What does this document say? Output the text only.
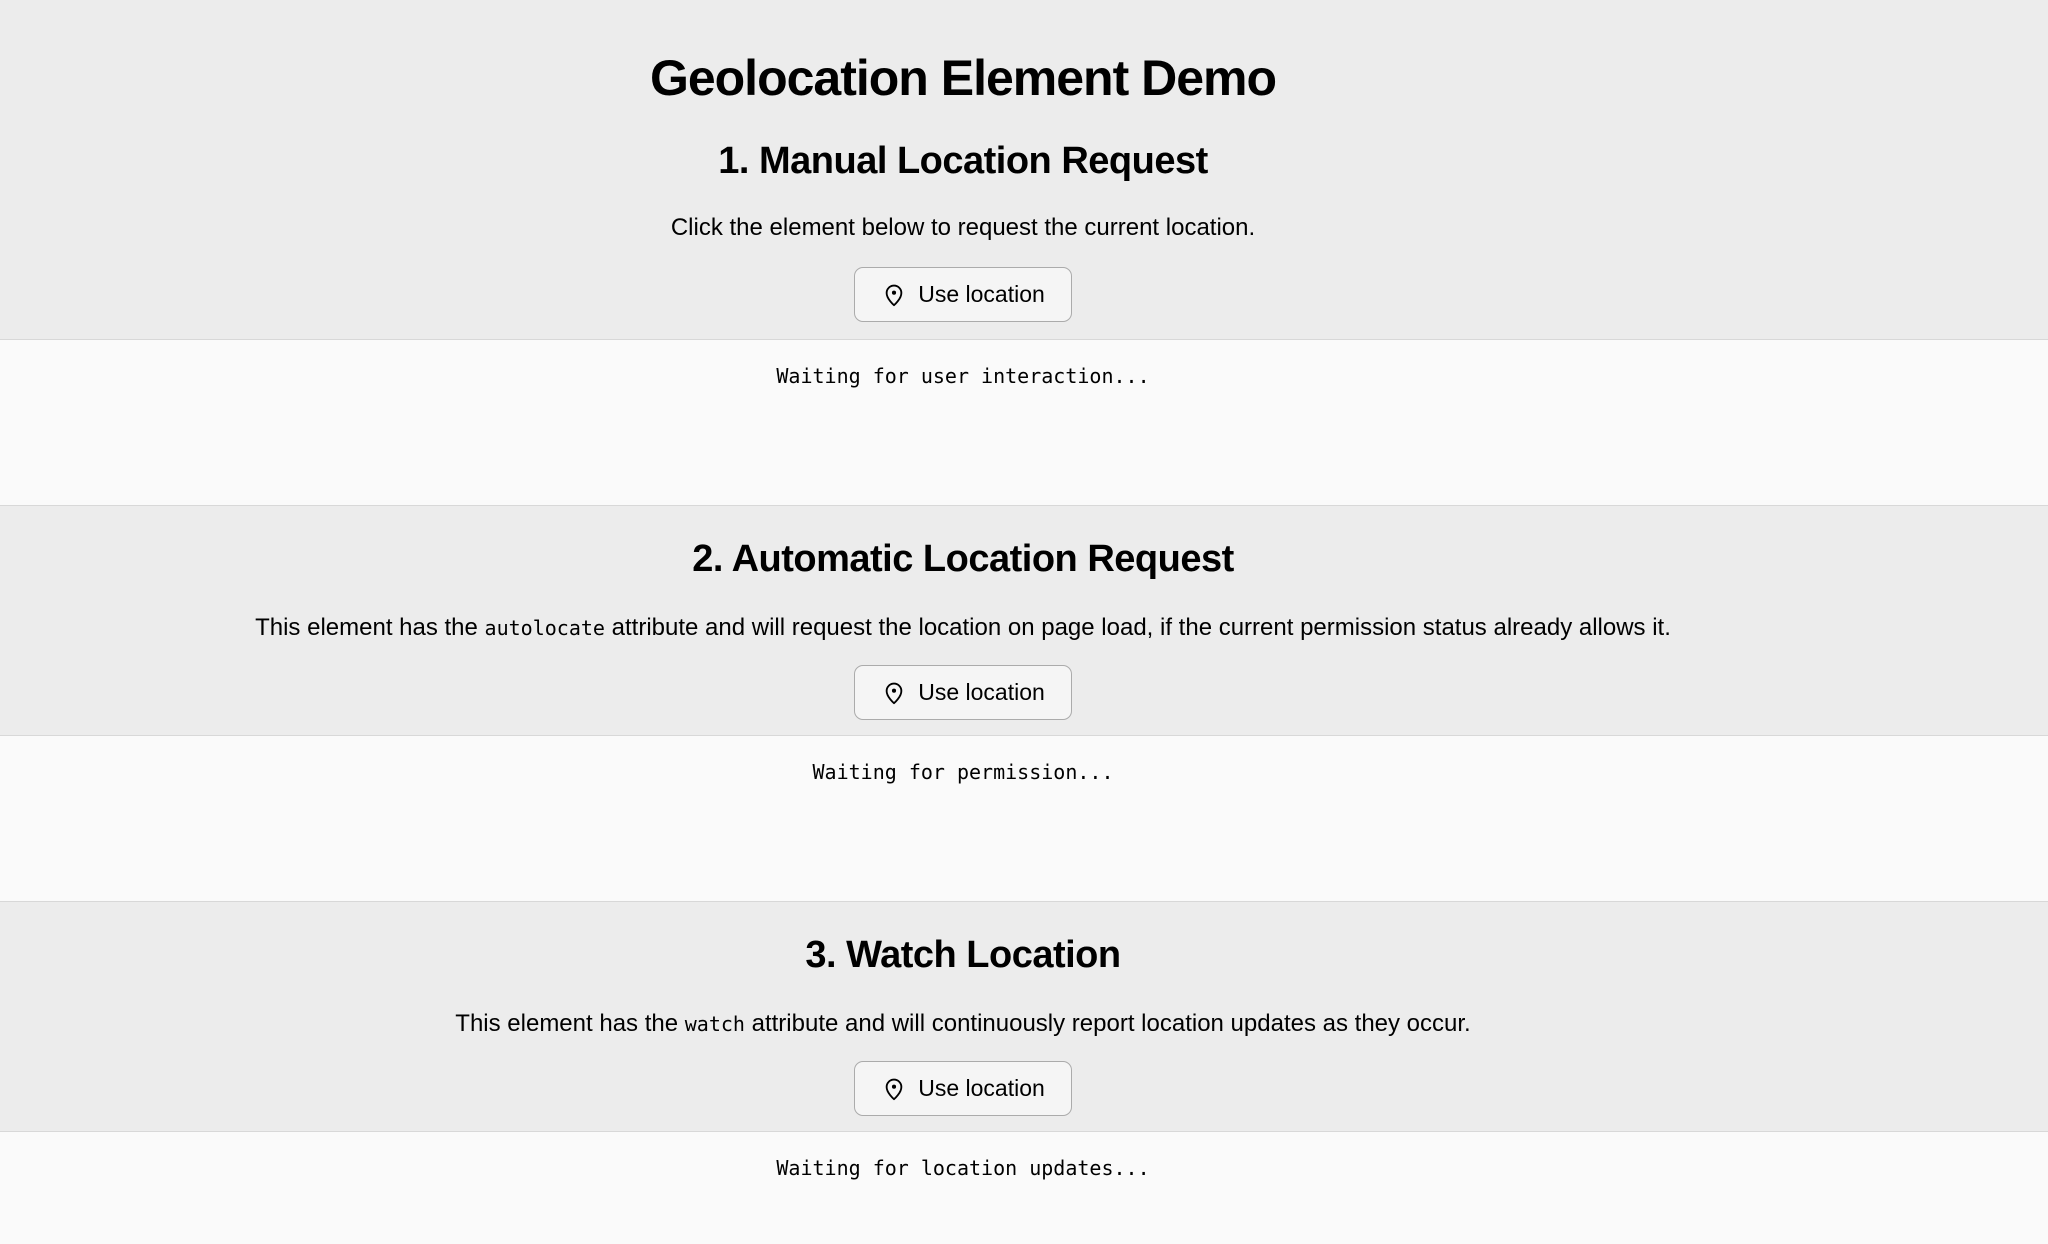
Geolocation Element Demo
1. Manual Location Request

Click the element below to request the current location.

Use location

Waiting for user interaction...

2. Automatic Location Request

This element has the autolocate attribute and will request the location on page load, if the current permission status already allows it.

Use location

Waiting for permission...

3. Watch Location

This element has the watch attribute and will continuously report location updates as they occur.

Use location

Waiting for location updates...
